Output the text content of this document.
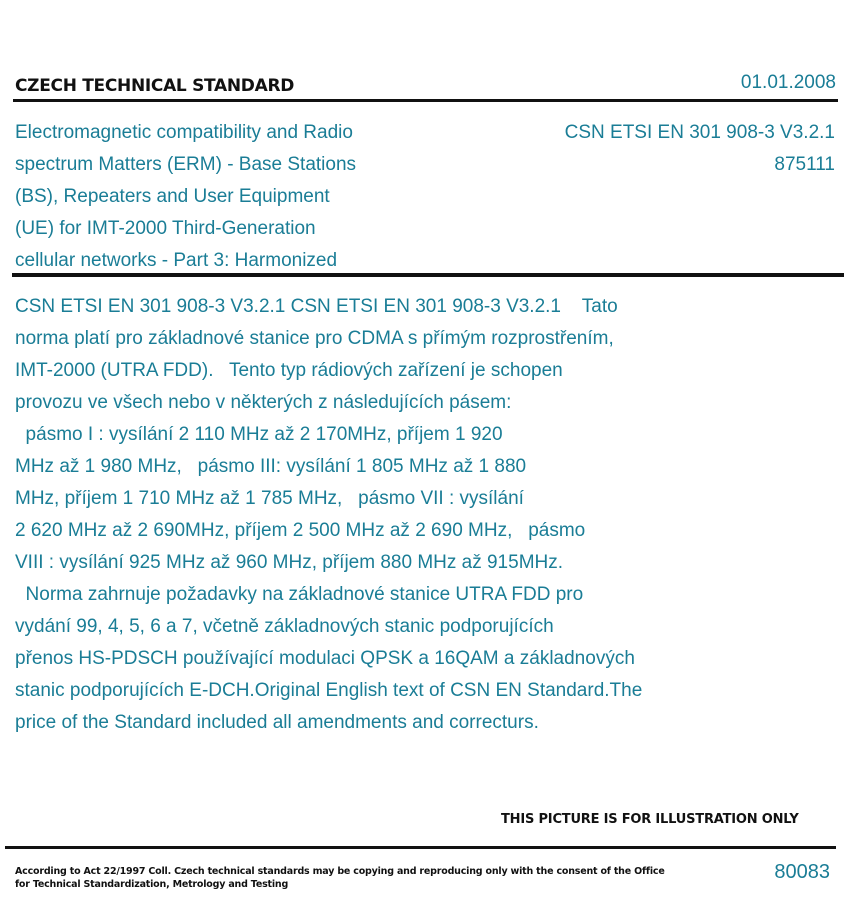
CZECH TECHNICAL STANDARD	01.01.2008
Electromagnetic compatibility and Radio
spectrum Matters (ERM) - Base Stations
(BS), Repeaters and User Equipment
(UE) for IMT-2000 Third-Generation
cellular networks - Part 3: Harmonized
CSN ETSI EN 301 908-3 V3.2.1
875111
CSN ETSI EN 301 908-3 V3.2.1 CSN ETSI EN 301 908-3 V3.2.1    Tato
norma platí pro základnové stanice pro CDMA s přímým rozprostřením,
IMT-2000 (UTRA FDD).   Tento typ rádiových zařízení je schopen
provozu ve všech nebo v některých z následujících pásem:
pásmo I : vysílání 2 110 MHz až 2 170MHz, příjem 1 920
MHz až 1 980 MHz,   pásmo III: vysílání 1 805 MHz až 1 880
MHz, příjem 1 710 MHz až 1 785 MHz,   pásmo VII : vysílání
2 620 MHz až 2 690MHz, příjem 2 500 MHz až 2 690 MHz,   pásmo
VIII : vysílání 925 MHz až 960 MHz, příjem 880 MHz až 915MHz.
Norma zahrnuje požadavky na základnové stanice UTRA FDD pro
vydání 99, 4, 5, 6 a 7, včetně základnových stanic podporujících
přenos HS-PDSCH používající modulaci QPSK a 16QAM a základnových
stanic podporujících E-DCH.Original English text of CSN EN Standard.The
price of the Standard included all amendments and correcturs.
THIS PICTURE IS FOR ILLUSTRATION ONLY
According to Act 22/1997 Coll. Czech technical standards may be copying and reproducing only with the consent of the Office
for Technical Standardization, Metrology and Testing
80083
